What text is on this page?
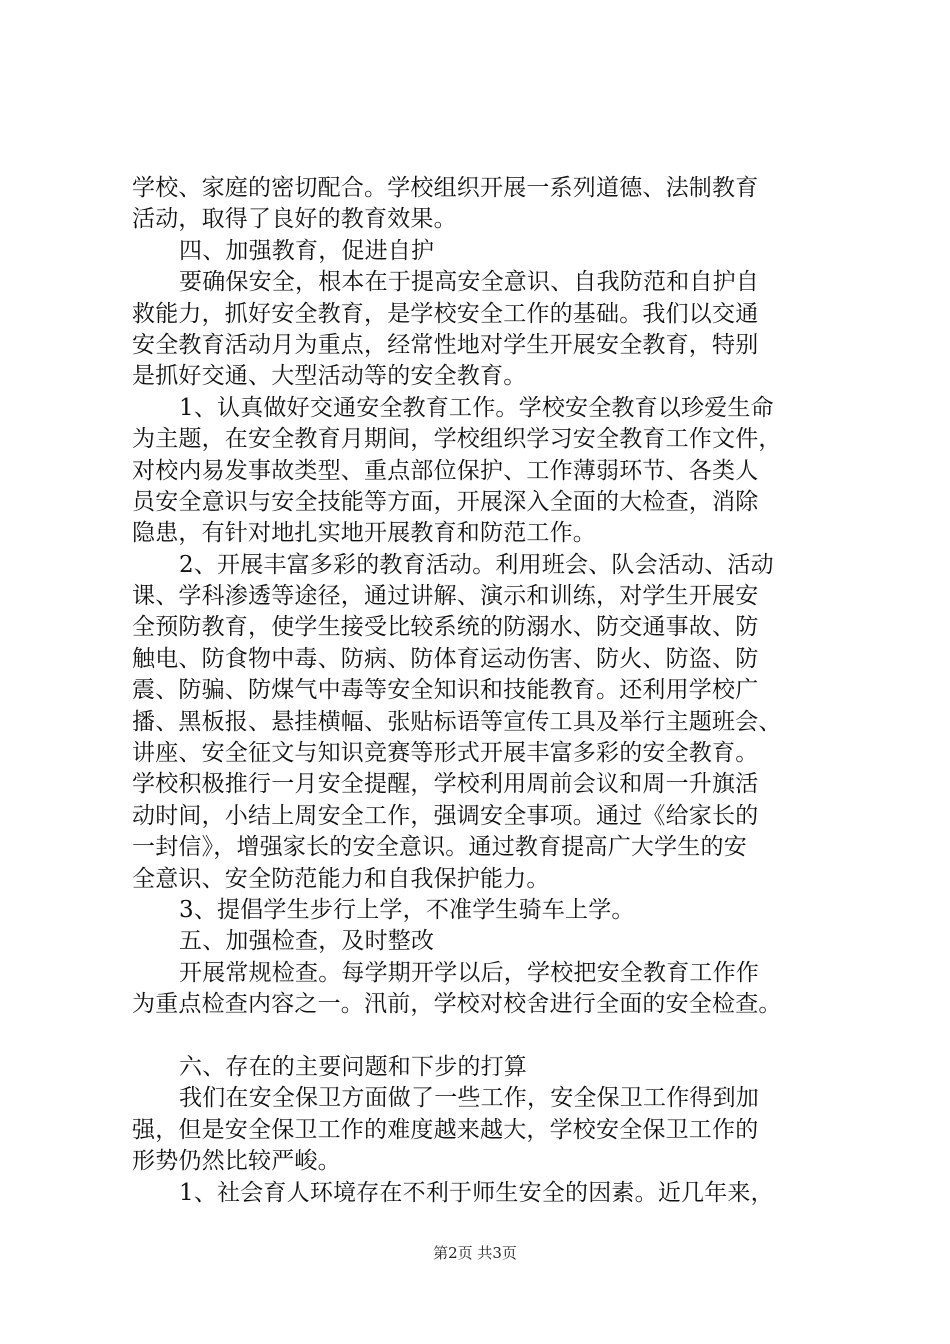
学校、家庭的密切配合。学校组织开展一系列道德、法制教育
活动，取得了良好的教育效果。
四、加强教育，促进自护
要确保安全，根本在于提高安全意识、自我防范和自护自
救能力，抓好安全教育，是学校安全工作的基础。我们以交通
安全教育活动月为重点，经常性地对学生开展安全教育，特别
是抓好交通、大型活动等的安全教育。
1、认真做好交通安全教育工作。学校安全教育以珍爱生命
为主题，在安全教育月期间，学校组织学习安全教育工作文件，
对校内易发事故类型、重点部位保护、工作薄弱环节、各类人
员安全意识与安全技能等方面，开展深入全面的大检查，消除
隐患，有针对地扎实地开展教育和防范工作。
2、开展丰富多彩的教育活动。利用班会、队会活动、活动
课、学科渗透等途径，通过讲解、演示和训练，对学生开展安
全预防教育，使学生接受比较系统的防溺水、防交通事故、防
触电、防食物中毒、防病、防体育运动伤害、防火、防盗、防
震、防骗、防煤气中毒等安全知识和技能教育。还利用学校广
播、黑板报、悬挂横幅、张贴标语等宣传工具及举行主题班会、
讲座、安全征文与知识竞赛等形式开展丰富多彩的安全教育。
学校积极推行一月安全提醒，学校利用周前会议和周一升旗活
动时间，小结上周安全工作，强调安全事项。通过《给家长的
一封信》，增强家长的安全意识。通过教育提高广大学生的安
全意识、安全防范能力和自我保护能力。
3、提倡学生步行上学，不准学生骑车上学。
五、加强检查，及时整改
开展常规检查。每学期开学以后，学校把安全教育工作作
为重点检查内容之一。汛前，学校对校舍进行全面的安全检查。
六、存在的主要问题和下步的打算
我们在安全保卫方面做了一些工作，安全保卫工作得到加
强，但是安全保卫工作的难度越来越大，学校安全保卫工作的
形势仍然比较严峻。
1、社会育人环境存在不利于师生安全的因素。近几年来，
第2页 共3页
